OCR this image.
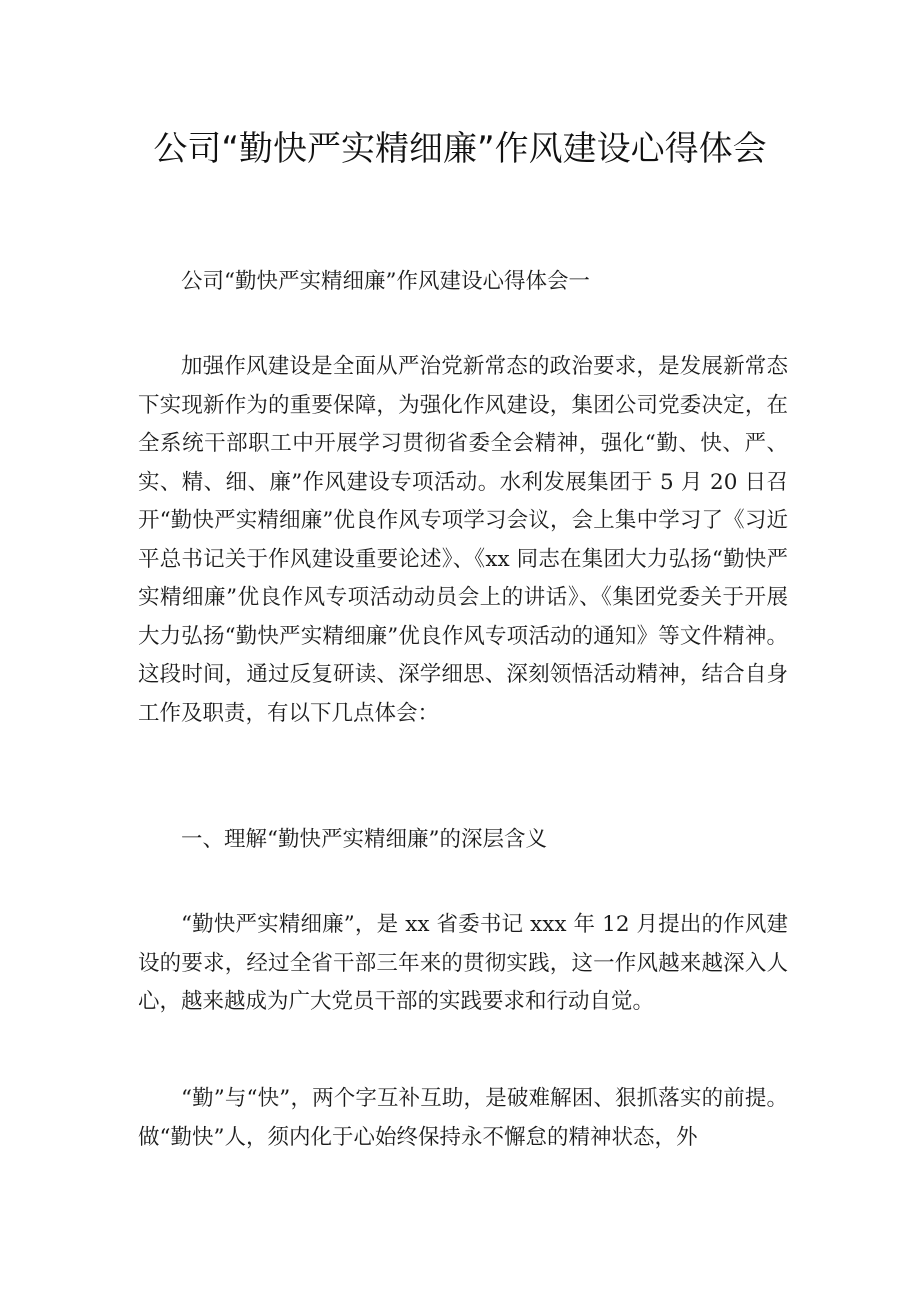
公司“勤快严实精细廉”作风建设心得体会

公司“勤快严实精细廉”作风建设心得体会一

加强作风建设是全面从严治党新常态的政治要求，是发展新常态下实现新作为的重要保障，为强化作风建设，集团公司党委决定，在全系统干部职工中开展学习贯彻省委全会精神，强化“勤、快、严、实、精、细、廉”作风建设专项活动。水利发展集团于 5 月 20 日召开“勤快严实精细廉”优良作风专项学习会议，会上集中学习了《习近平总书记关于作风建设重要论述》、《xx 同志在集团大力弘扬“勤快严实精细廉”优良作风专项活动动员会上的讲话》、《集团党委关于开展大力弘扬“勤快严实精细廉”优良作风专项活动的通知》等文件精神。这段时间，通过反复研读、深学细思、深刻领悟活动精神，结合自身工作及职责，有以下几点体会：

一、理解“勤快严实精细廉”的深层含义

“勤快严实精细廉”，是 xx 省委书记 xxx 年 12 月提出的作风建设的要求，经过全省干部三年来的贯彻实践，这一作风越来越深入人心，越来越成为广大党员干部的实践要求和行动自觉。

“勤”与“快”，两个字互补互助，是破难解困、狠抓落实的前提。做“勤快”人，须内化于心始终保持永不懈怠的精神状态，外
